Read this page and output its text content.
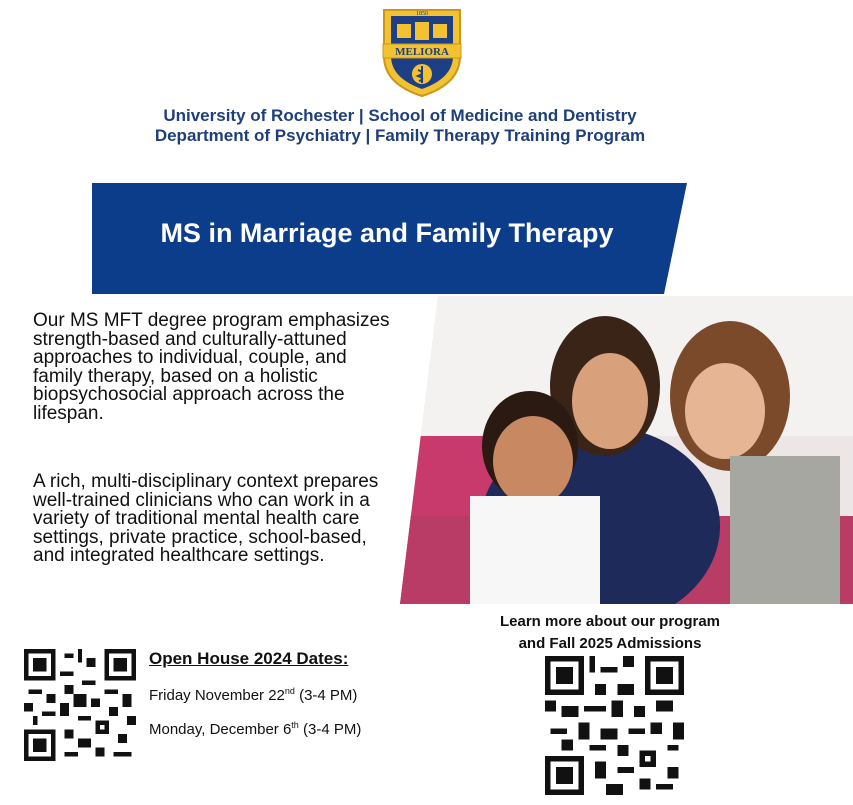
MELIORA
1850
University of Rochester | School of Medicine and Dentistry
Department of Psychiatry | Family Therapy Training Program
MS in Marriage and Family Therapy
Our MS MFT degree program emphasizes strength-based and culturally-attuned approaches to individual, couple, and family therapy, based on a holistic biopsychosocial approach across the lifespan.
A rich, multi-disciplinary context prepares well-trained clinicians who can work in a variety of traditional mental health care settings, private practice, school-based, and integrated healthcare settings.
Learn more about our program
and Fall 2025 Admissions
Open House 2024 Dates:
Friday November 22nd (3-4 PM)
Monday, December 6th (3-4 PM)
